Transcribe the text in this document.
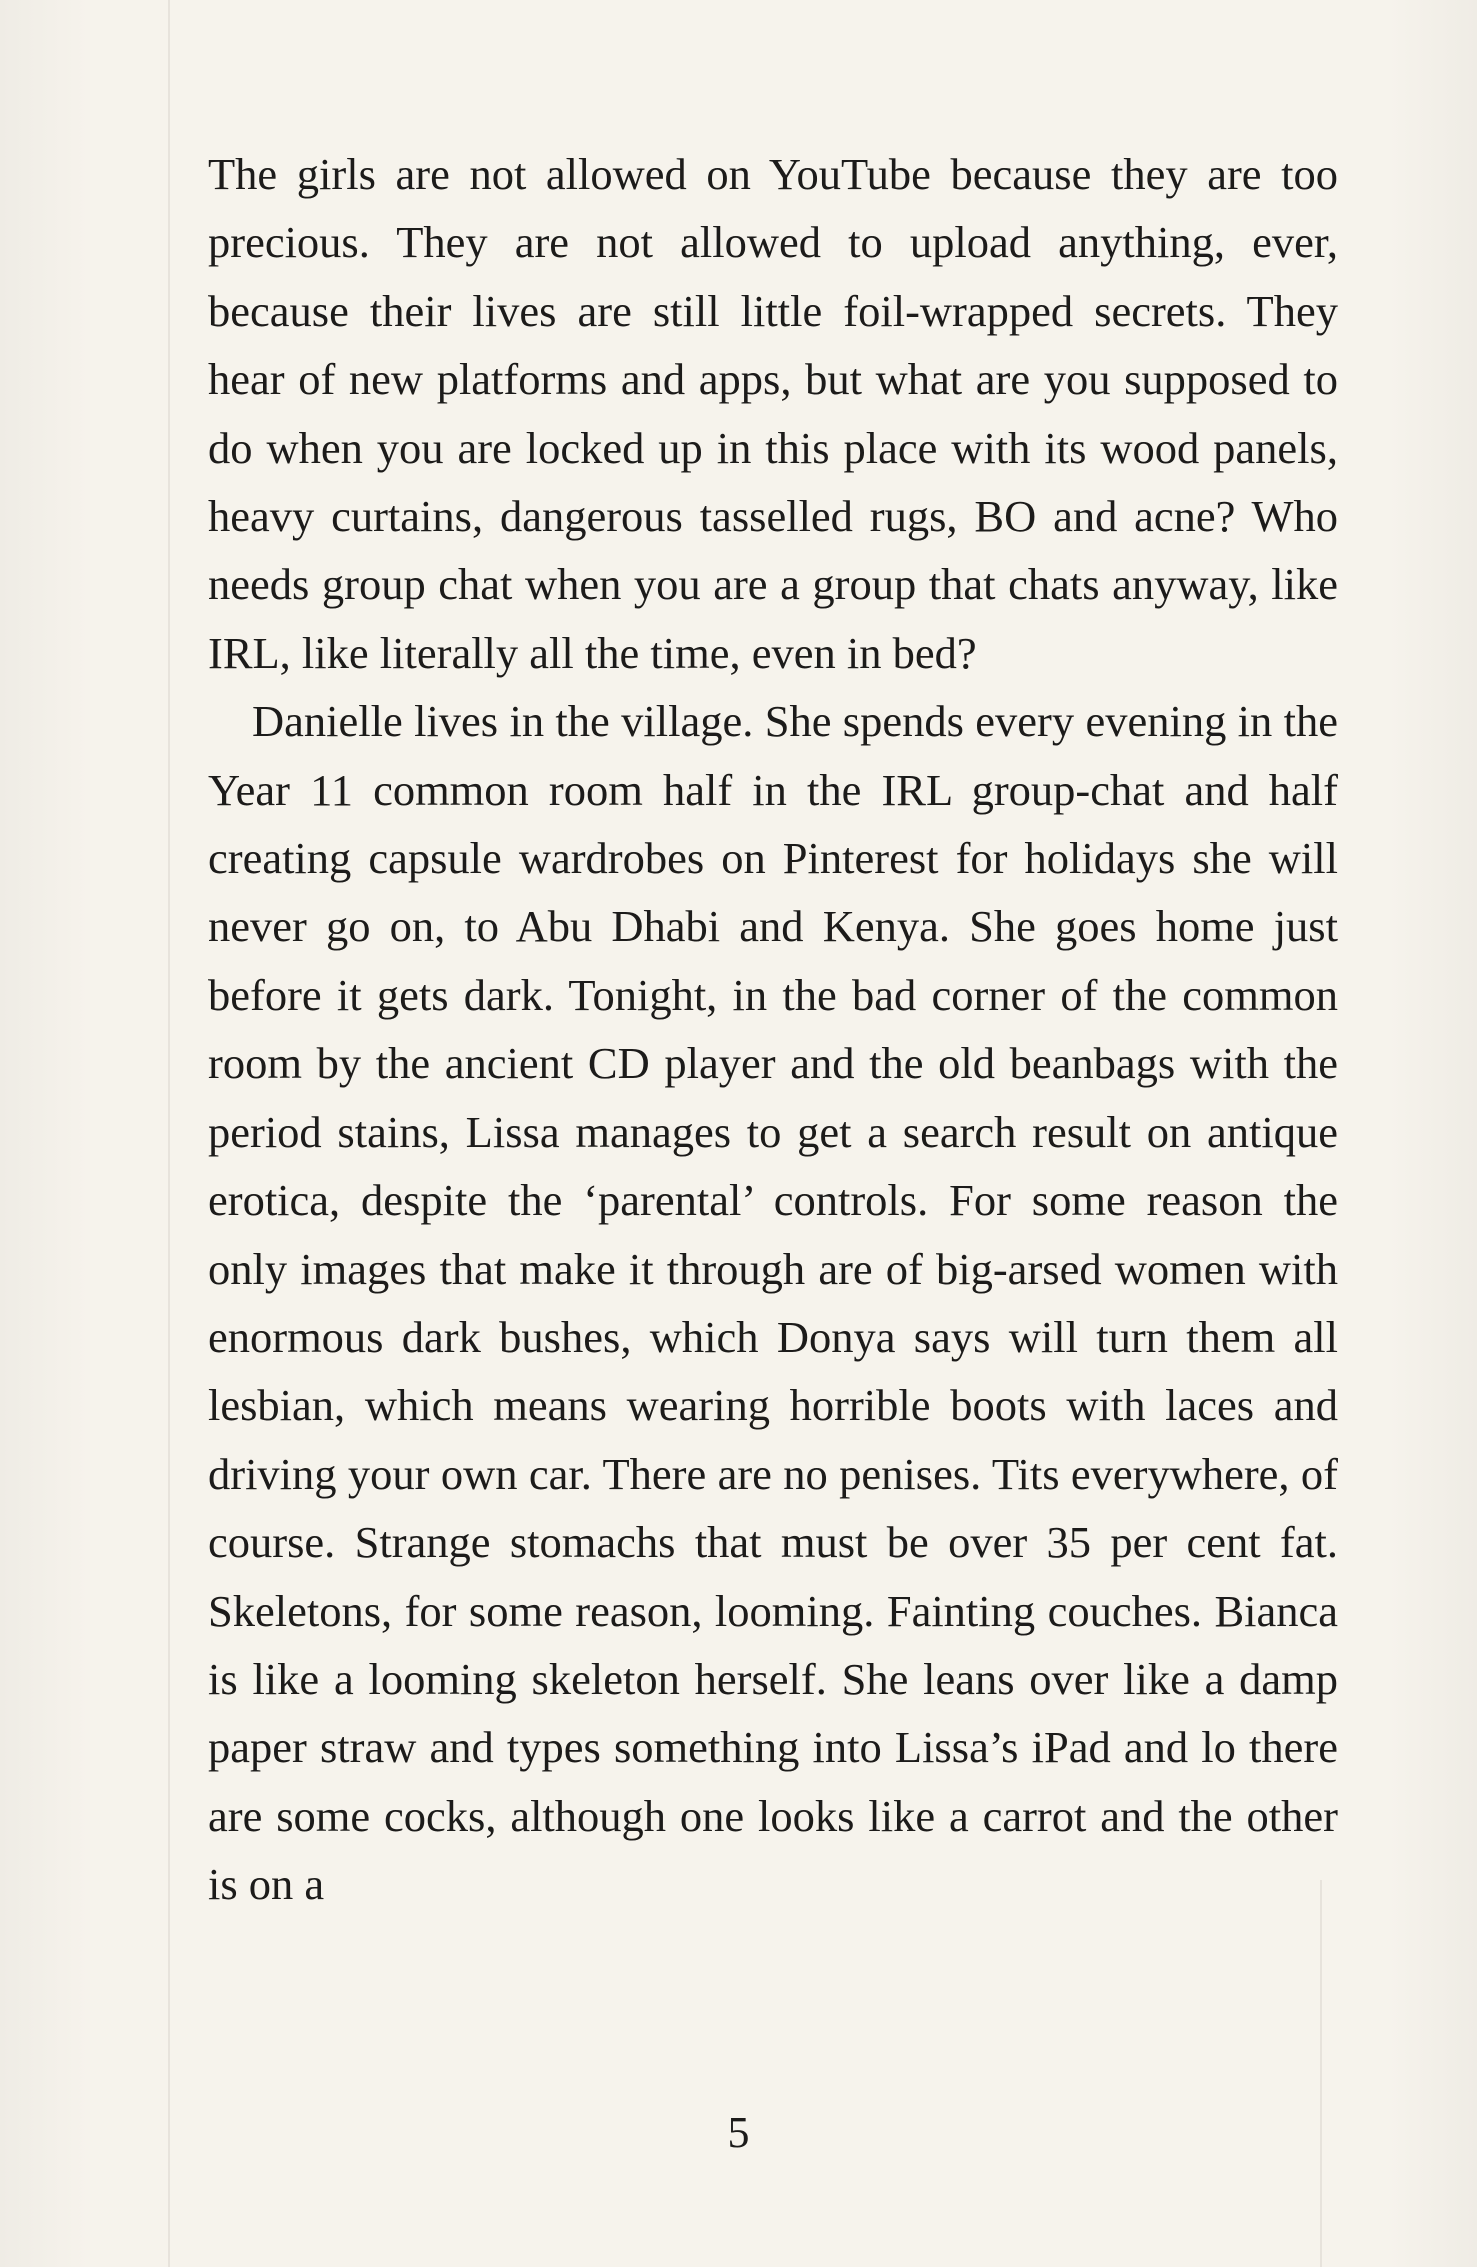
The girls are not allowed on YouTube because they are too precious. They are not allowed to upload anything, ever, because their lives are still little foil-wrapped secrets. They hear of new platforms and apps, but what are you supposed to do when you are locked up in this place with its wood panels, heavy curtains, dangerous tasselled rugs, BO and acne? Who needs group chat when you are a group that chats anyway, like IRL, like literally all the time, even in bed?

Danielle lives in the village. She spends every evening in the Year 11 common room half in the IRL group-chat and half creating capsule wardrobes on Pinterest for holidays she will never go on, to Abu Dhabi and Kenya. She goes home just before it gets dark. Tonight, in the bad corner of the common room by the ancient CD player and the old beanbags with the period stains, Lissa manages to get a search result on antique erotica, despite the ‘parental’ controls. For some reason the only images that make it through are of big-arsed women with enormous dark bushes, which Donya says will turn them all lesbian, which means wearing horrible boots with laces and driving your own car. There are no penises. Tits everywhere, of course. Strange stomachs that must be over 35 per cent fat. Skeletons, for some reason, looming. Fainting couches. Bianca is like a looming skeleton herself. She leans over like a damp paper straw and types something into Lissa’s iPad and lo there are some cocks, although one looks like a carrot and the other is on a

5
